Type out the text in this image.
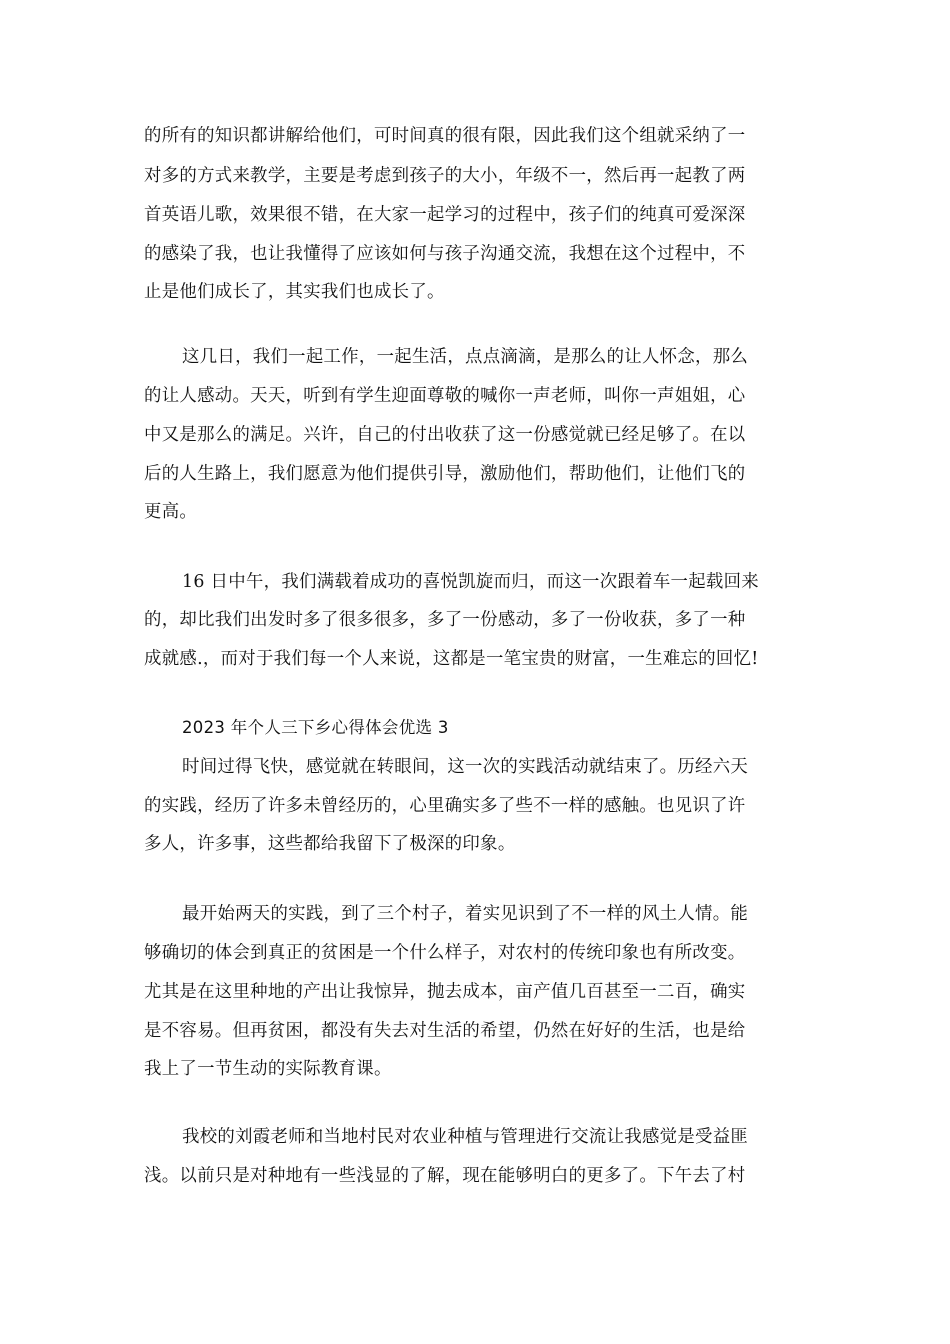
的所有的知识都讲解给他们，可时间真的很有限，因此我们这个组就采纳了一
对多的方式来教学，主要是考虑到孩子的大小，年级不一，然后再一起教了两
首英语儿歌，效果很不错，在大家一起学习的过程中，孩子们的纯真可爱深深
的感染了我，也让我懂得了应该如何与孩子沟通交流，我想在这个过程中，不
止是他们成长了，其实我们也成长了。
这几日，我们一起工作，一起生活，点点滴滴，是那么的让人怀念，那么
的让人感动。天天，听到有学生迎面尊敬的喊你一声老师，叫你一声姐姐，心
中又是那么的满足。兴许，自己的付出收获了这一份感觉就已经足够了。在以
后的人生路上，我们愿意为他们提供引导，激励他们，帮助他们，让他们飞的
更高。
16 日中午，我们满载着成功的喜悦凯旋而归，而这一次跟着车一起载回来
的，却比我们出发时多了很多很多，多了一份感动，多了一份收获，多了一种
成就感.，而对于我们每一个人来说，这都是一笔宝贵的财富，一生难忘的回忆!
2023 年个人三下乡心得体会优选 3
时间过得飞快，感觉就在转眼间，这一次的实践活动就结束了。历经六天
的实践，经历了许多未曾经历的，心里确实多了些不一样的感触。也见识了许
多人，许多事，这些都给我留下了极深的印象。
最开始两天的实践，到了三个村子，着实见识到了不一样的风土人情。能
够确切的体会到真正的贫困是一个什么样子，对农村的传统印象也有所改变。
尤其是在这里种地的产出让我惊异，抛去成本，亩产值几百甚至一二百，确实
是不容易。但再贫困，都没有失去对生活的希望，仍然在好好的生活，也是给
我上了一节生动的实际教育课。
我校的刘霞老师和当地村民对农业种植与管理进行交流让我感觉是受益匪
浅。以前只是对种地有一些浅显的了解，现在能够明白的更多了。下午去了村
